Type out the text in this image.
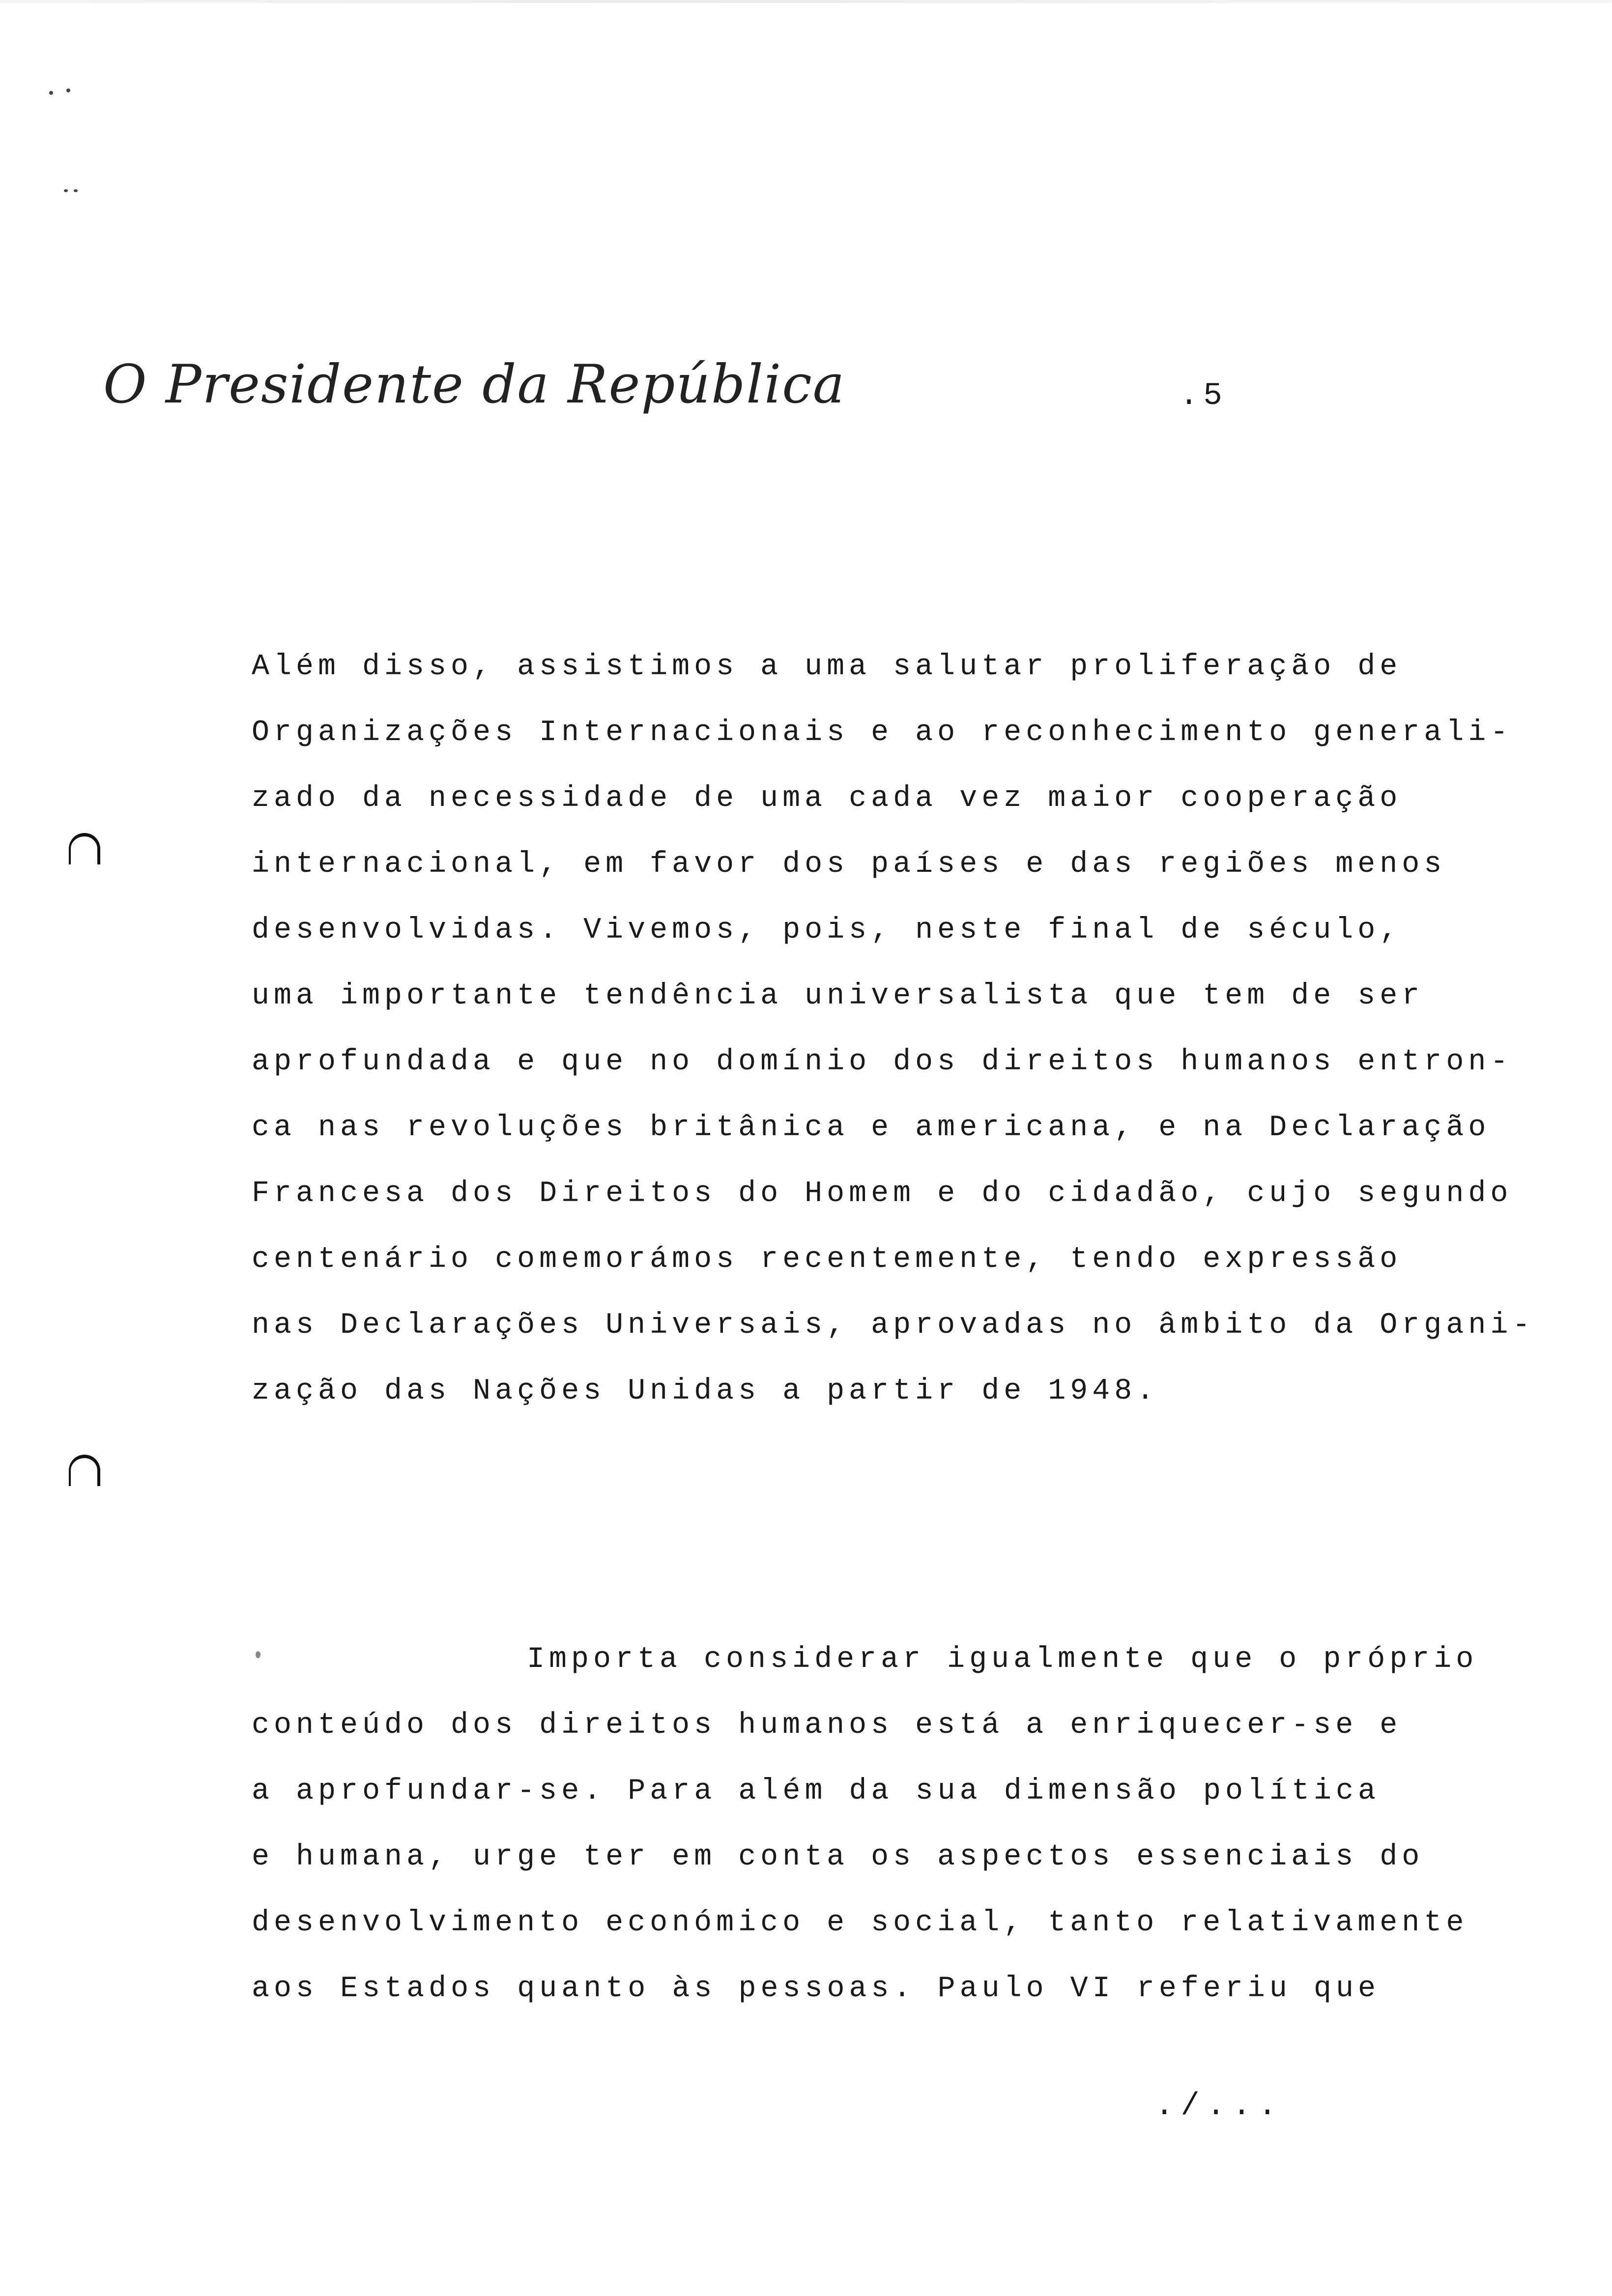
O Presidente da República	.5
Além disso, assistimos a uma salutar proliferação de
Organizações Internacionais e ao reconhecimento generali-
zado da necessidade de uma cada vez maior cooperação
internacional, em favor dos países e das regiões menos
desenvolvidas. Vivemos, pois, neste final de século,
uma importante tendência universalista que tem de ser
aprofundada e que no domínio dos direitos humanos entron-
ca nas revoluções britânica e americana, e na Declaração
Francesa dos Direitos do Homem e do cidadão, cujo segundo
centenário comemorámos recentemente, tendo expressão
nas Declarações Universais, aprovadas no âmbito da Organi-
zação das Nações Unidas a partir de 1948.
Importa considerar igualmente que o próprio
conteúdo dos direitos humanos está a enriquecer-se e
a aprofundar-se. Para além da sua dimensão política
e humana, urge ter em conta os aspectos essenciais do
desenvolvimento económico e social, tanto relativamente
aos Estados quanto às pessoas. Paulo VI referiu que
./...
